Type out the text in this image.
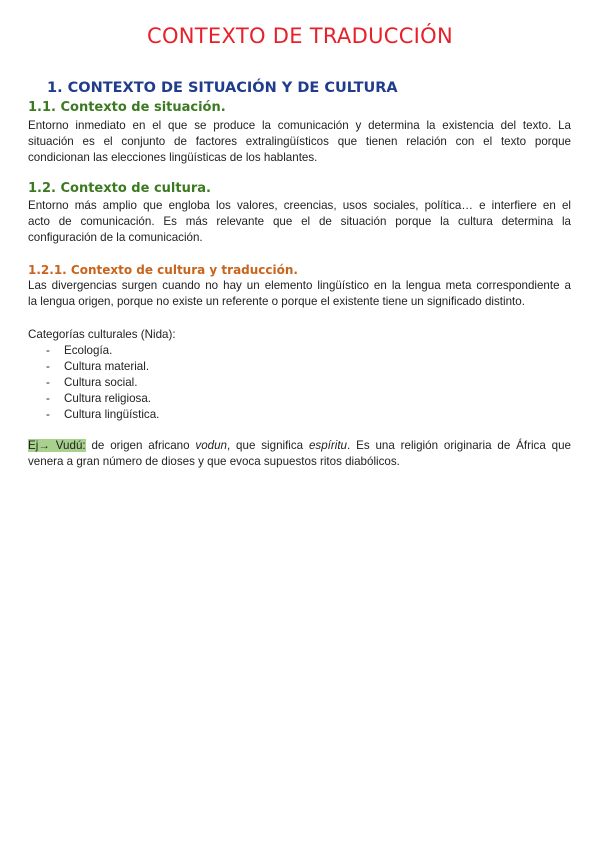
CONTEXTO DE TRADUCCIÓN
1. CONTEXTO DE SITUACIÓN Y DE CULTURA
1.1. Contexto de situación.
Entorno inmediato en el que se produce la comunicación y determina la existencia del texto. La
situación es el conjunto de factores extralingüísticos que tienen relación con el texto porque
condicionan las elecciones lingüísticas de los hablantes.
1.2. Contexto de cultura.
Entorno más amplio que engloba los valores, creencias, usos sociales, política… e interfiere en el
acto de comunicación. Es más relevante que el de situación porque la cultura determina la
configuración de la comunicación.
1.2.1. Contexto de cultura y traducción.
Las divergencias surgen cuando no hay un elemento lingüístico en la lengua meta correspondiente a
la lengua origen, porque no existe un referente o porque el existente tiene un significado distinto.
Categorías culturales (Nida):
- Ecología.
- Cultura material.
- Cultura social.
- Cultura religiosa.
- Cultura lingüística.
Ej→ Vudú: de origen africano vodun, que significa espíritu. Es una religión originaria de África que
venera a gran número de dioses y que evoca supuestos ritos diabólicos.
